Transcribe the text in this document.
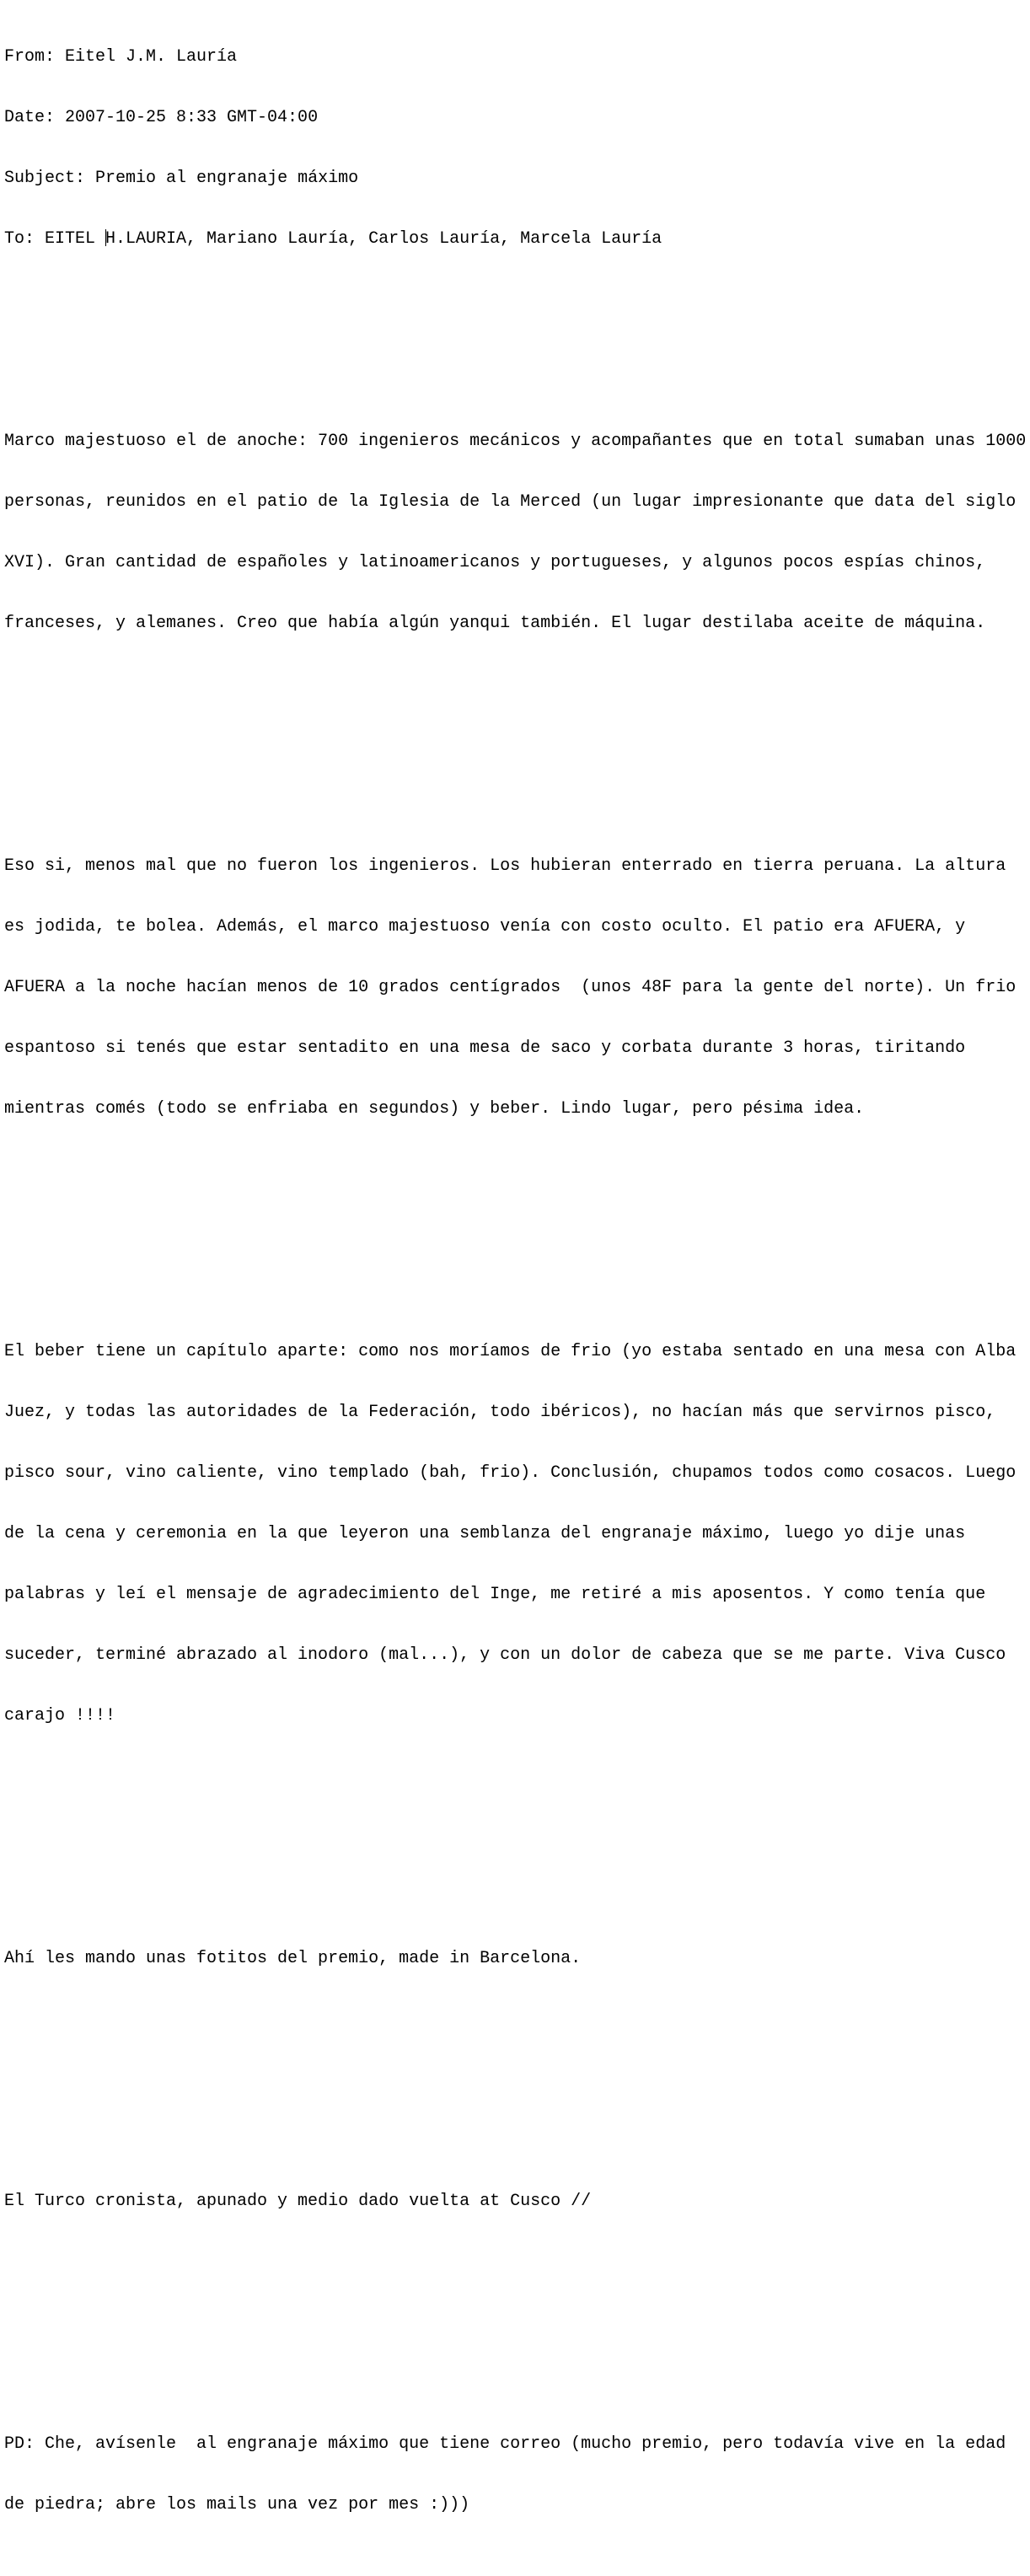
From: Eitel J.M. Lauría

Date: 2007-10-25 8:33 GMT-04:00

Subject: Premio al engranaje máximo

To: EITEL H.LAURIA, Mariano Lauría, Carlos Lauría, Marcela Lauría

Marco majestuoso el de anoche: 700 ingenieros mecánicos y acompañantes que en total sumaban unas 1000

personas, reunidos en el patio de la Iglesia de la Merced (un lugar impresionante que data del siglo

XVI). Gran cantidad de españoles y latinoamericanos y portugueses, y algunos pocos espías chinos,

franceses, y alemanes. Creo que había algún yanqui también. El lugar destilaba aceite de máquina.

Eso si, menos mal que no fueron los ingenieros. Los hubieran enterrado en tierra peruana. La altura

es jodida, te bolea. Además, el marco majestuoso venía con costo oculto. El patio era AFUERA, y

AFUERA a la noche hacían menos de 10 grados centígrados  (unos 48F para la gente del norte). Un frio

espantoso si tenés que estar sentadito en una mesa de saco y corbata durante 3 horas, tiritando

mientras comés (todo se enfriaba en segundos) y beber. Lindo lugar, pero pésima idea.

El beber tiene un capítulo aparte: como nos moríamos de frio (yo estaba sentado en una mesa con Alba

Juez, y todas las autoridades de la Federación, todo ibéricos), no hacían más que servirnos pisco,

pisco sour, vino caliente, vino templado (bah, frio). Conclusión, chupamos todos como cosacos. Luego

de la cena y ceremonia en la que leyeron una semblanza del engranaje máximo, luego yo dije unas

palabras y leí el mensaje de agradecimiento del Inge, me retiré a mis aposentos. Y como tenía que

suceder, terminé abrazado al inodoro (mal...), y con un dolor de cabeza que se me parte. Viva Cusco

carajo !!!!

Ahí les mando unas fotitos del premio, made in Barcelona.

El Turco cronista, apunado y medio dado vuelta at Cusco //

PD: Che, avísenle  al engranaje máximo que tiene correo (mucho premio, pero todavía vive en la edad

de piedra; abre los mails una vez por mes :)))
